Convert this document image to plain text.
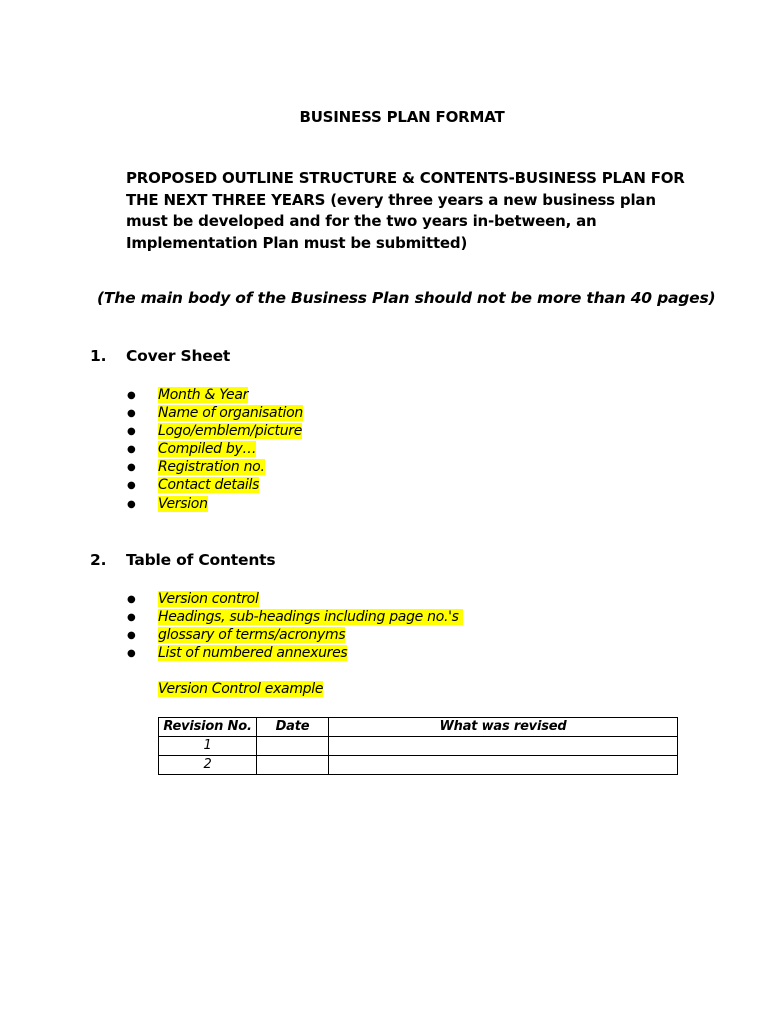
BUSINESS PLAN FORMAT
PROPOSED OUTLINE STRUCTURE & CONTENTS-BUSINESS PLAN FOR THE NEXT THREE YEARS (every three years a new business plan must be developed and for the two years in-between, an Implementation Plan must be submitted)
(The main body of the Business Plan should not be more than 40 pages)
1. Cover Sheet
● Month & Year
● Name of organisation
● Logo/emblem/picture
● Compiled by…
● Registration no.
● Contact details
● Version
2. Table of Contents
● Version control
● Headings, sub-headings including page no.'s
● glossary of terms/acronyms
● List of numbered annexures
Version Control example
Revision No.	Date	What was revised
1		
2		
